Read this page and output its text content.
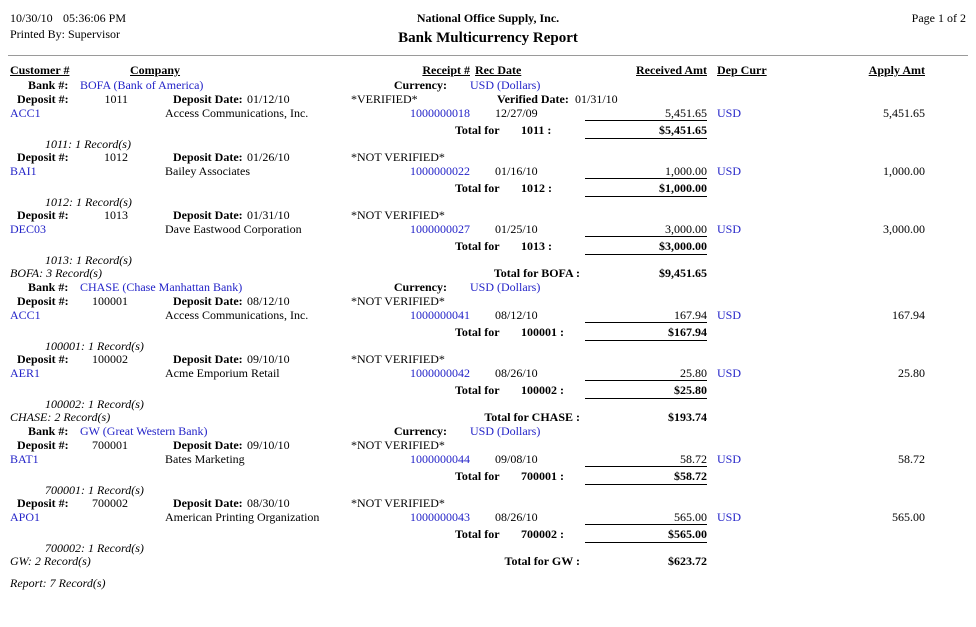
10/30/10 05:36:06 PM	National Office Supply, Inc.	Page 1 of 2
Printed By: Supervisor	Bank Multicurrency Report
Customer #	Company	Receipt # Rec Date	Received Amt Dep Curr	Apply Amt
Bank #: BOFA (Bank of America)	Currency: USD (Dollars)
Deposit #:	1011	Deposit Date: 01/12/10	*VERIFIED*	Verified Date: 01/31/10
ACC1	Access Communications, Inc.	1000000018 12/27/09	5,451.65 USD	5,451.65
Total for 1011 :	$5,451.65
1011: 1 Record(s)
Deposit #:	1012	Deposit Date: 01/26/10	*NOT VERIFIED*
BAI1	Bailey Associates	1000000022 01/16/10	1,000.00 USD	1,000.00
Total for 1012 :	$1,000.00
1012: 1 Record(s)
Deposit #:	1013	Deposit Date: 01/31/10	*NOT VERIFIED*
DEC03	Dave Eastwood Corporation	1000000027 01/25/10	3,000.00 USD	3,000.00
Total for 1013 :	$3,000.00
1013: 1 Record(s)
BOFA: 3 Record(s)	Total for BOFA :	$9,451.65
Bank #: CHASE (Chase Manhattan Bank)	Currency: USD (Dollars)
Deposit #:	100001	Deposit Date: 08/12/10	*NOT VERIFIED*
ACC1	Access Communications, Inc.	1000000041 08/12/10	167.94 USD	167.94
Total for 100001 :	$167.94
100001: 1 Record(s)
Deposit #:	100002	Deposit Date: 09/10/10	*NOT VERIFIED*
AER1	Acme Emporium Retail	1000000042 08/26/10	25.80 USD	25.80
Total for 100002 :	$25.80
100002: 1 Record(s)
CHASE: 2 Record(s)	Total for CHASE :	$193.74
Bank #: GW (Great Western Bank)	Currency: USD (Dollars)
Deposit #:	700001	Deposit Date: 09/10/10	*NOT VERIFIED*
BAT1	Bates Marketing	1000000044 09/08/10	58.72 USD	58.72
Total for 700001 :	$58.72
700001: 1 Record(s)
Deposit #:	700002	Deposit Date: 08/30/10	*NOT VERIFIED*
APO1	American Printing Organization	1000000043 08/26/10	565.00 USD	565.00
Total for 700002 :	$565.00
700002: 1 Record(s)
GW: 2 Record(s)	Total for GW :	$623.72
Report: 7 Record(s)
